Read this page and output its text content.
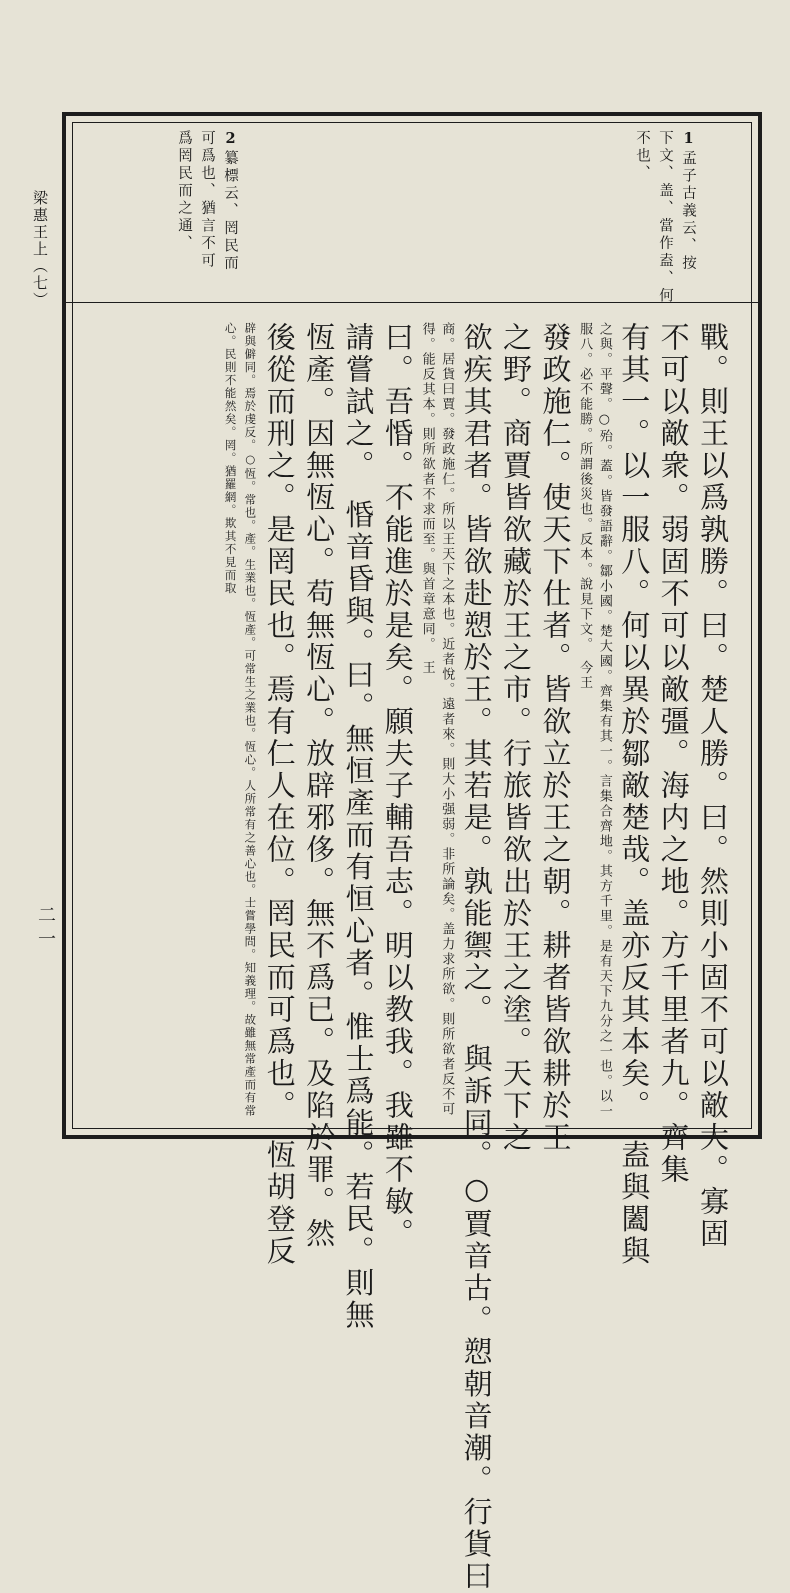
梁惠王上（七）
二一
1孟子古義云、按
下文、盖、當作盍、何
不也、
2纂標云、罔民而
可爲也、猶言不可
爲罔民而之通、
戰。則王以爲孰勝。曰。楚人勝。曰。然則小固不可以敵大。寡固
不可以敵衆。弱固不可以敵彊。海内之地。方千里者九。齊集
有其一。以一服八。何以異於鄒敵楚哉。盖亦反其本矣。　盍與闔與
之與。平聲。○殆。蓋。皆發語辭。鄒小國。楚大國。齊集有其一。言集合齊地。其方千里。是有天下九分之一也。以一服八。必不能勝。所謂後災也。反本。說見下文。　今王
發政施仁。使天下仕者。皆欲立於王之朝。耕者皆欲耕於王
之野。商賈皆欲藏於王之市。行旅皆欲出於王之塗。天下之
欲疾其君者。皆欲赴愬於王。其若是。孰能禦之。　與訴同。○賈音古。愬朝音潮。行貨曰
商。居貨曰賈。發政施仁。所以王天下之本也。近者悅。遠者來。則大小强弱。非所論矣。盖力求所欲。則所欲者反不可得。能反其本。則所欲者不求而至。與首章意同。　王
曰。吾惛。不能進於是矣。願夫子輔吾志。明以教我。我雖不敏。
請嘗試之。　惛音昏與。曰。無恒產而有恒心者。惟士爲能。若民。則無
恆產。因無恆心。苟無恆心。放辟邪侈。無不爲已。及陷於罪。然
後從而刑之。是罔民也。焉有仁人在位。罔民而可爲也。　恆胡登反
辟與僻同。焉於虔反。○恆。常也。產。生業也。恆產。可常生之業也。恆心。人所常有之善心也。士嘗學問。知義理。故雖無常產而有常心。民則不能然矣。罔。猶羅網。欺其不見而取
